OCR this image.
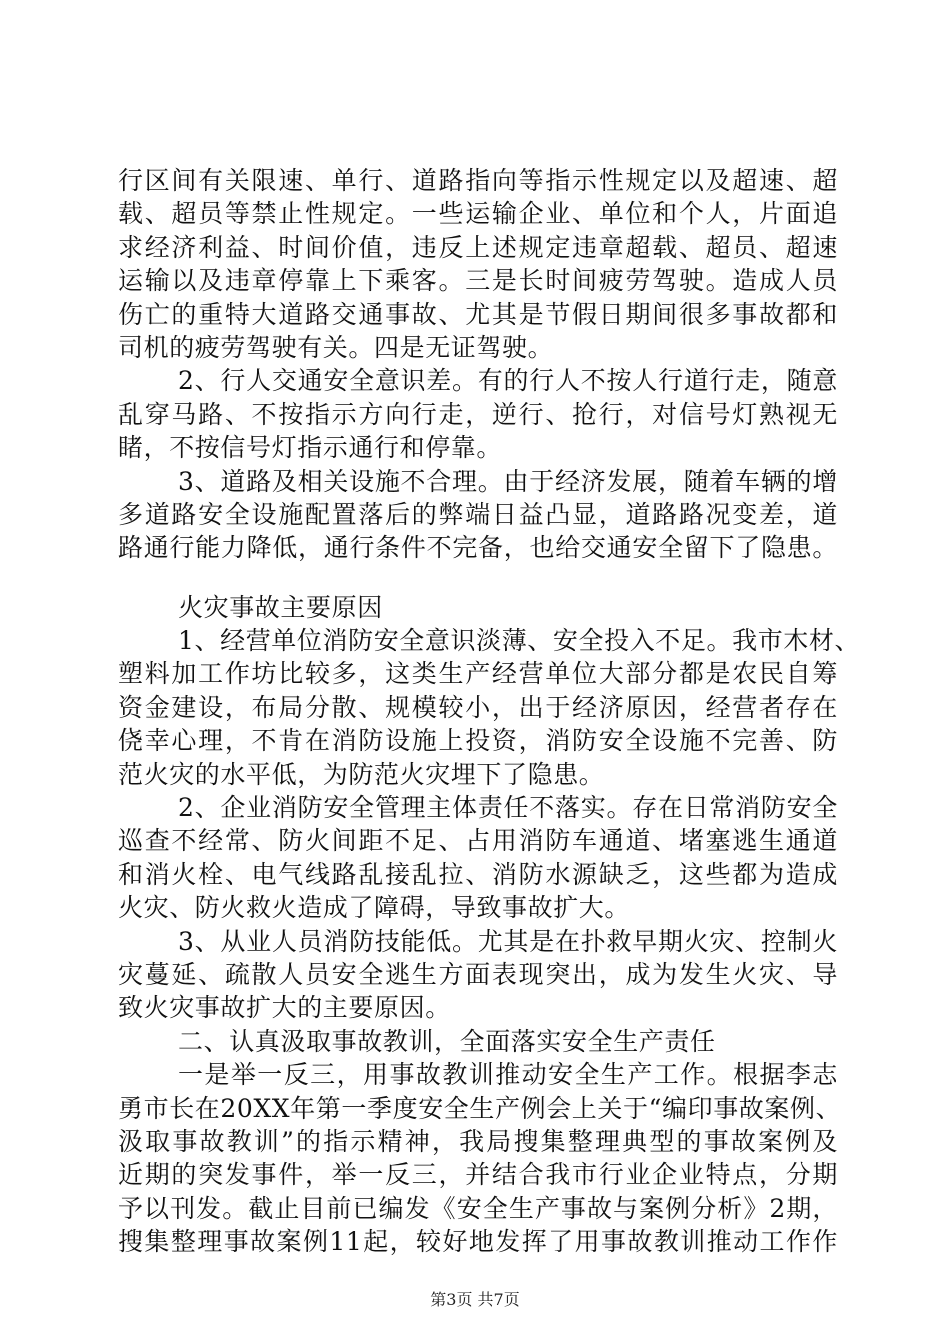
行区间有关限速、单行、道路指向等指示性规定以及超速、超
载、超员等禁止性规定。一些运输企业、单位和个人，片面追
求经济利益、时间价值，违反上述规定违章超载、超员、超速
运输以及违章停靠上下乘客。三是长时间疲劳驾驶。造成人员
伤亡的重特大道路交通事故、尤其是节假日期间很多事故都和
司机的疲劳驾驶有关。四是无证驾驶。
2、行人交通安全意识差。有的行人不按人行道行走，随意
乱穿马路、不按指示方向行走，逆行、抢行，对信号灯熟视无
睹，不按信号灯指示通行和停靠。
3、道路及相关设施不合理。由于经济发展，随着车辆的增
多道路安全设施配置落后的弊端日益凸显，道路路况变差，道
路通行能力降低，通行条件不完备，也给交通安全留下了隐患。
火灾事故主要原因
1、经营单位消防安全意识淡薄、安全投入不足。我市木材、
塑料加工作坊比较多，这类生产经营单位大部分都是农民自筹
资金建设，布局分散、规模较小，出于经济原因，经营者存在
侥幸心理，不肯在消防设施上投资，消防安全设施不完善、防
范火灾的水平低，为防范火灾埋下了隐患。
2、企业消防安全管理主体责任不落实。存在日常消防安全
巡查不经常、防火间距不足、占用消防车通道、堵塞逃生通道
和消火栓、电气线路乱接乱拉、消防水源缺乏，这些都为造成
火灾、防火救火造成了障碍，导致事故扩大。
3、从业人员消防技能低。尤其是在扑救早期火灾、控制火
灾蔓延、疏散人员安全逃生方面表现突出，成为发生火灾、导
致火灾事故扩大的主要原因。
二、认真汲取事故教训，全面落实安全生产责任
一是举一反三，用事故教训推动安全生产工作。根据李志
勇市长在20XX年第一季度安全生产例会上关于“编印事故案例、
汲取事故教训”的指示精神，我局搜集整理典型的事故案例及
近期的突发事件，举一反三，并结合我市行业企业特点，分期
予以刊发。截止目前已编发《安全生产事故与案例分析》2期，
搜集整理事故案例11起，较好地发挥了用事故教训推动工作作
第3页 共7页
